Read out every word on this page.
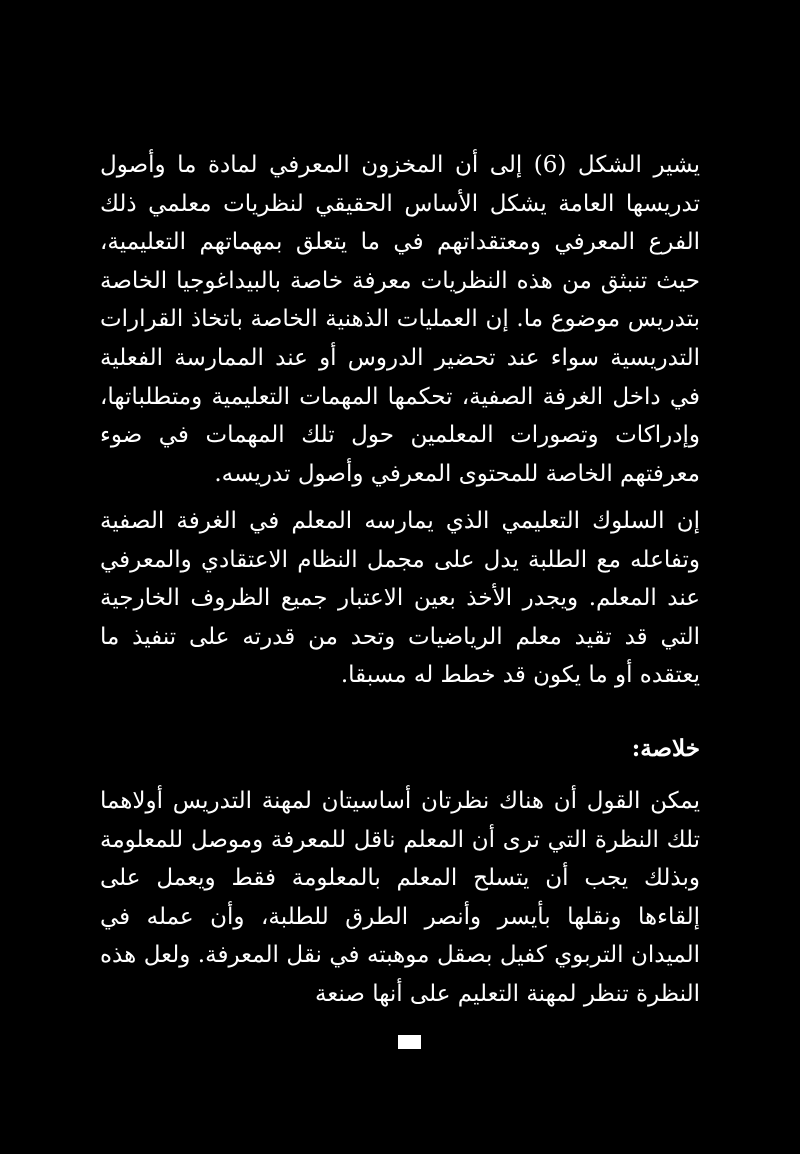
يشير الشكل (6) إلى أن المخزون المعرفي لمادة ما وأصول تدريسها العامة يشكل الأساس الحقيقي لنظريات معلمي ذلك الفرع المعرفي ومعتقداتهم في ما يتعلق بمهماتهم التعليمية، حيث تنبثق من هذه النظريات معرفة خاصة بالبيداغوجيا الخاصة بتدريس موضوع ما. إن العمليات الذهنية الخاصة باتخاذ القرارات التدريسية سواء عند تحضير الدروس أو عند الممارسة الفعلية في داخل الغرفة الصفية، تحكمها المهمات التعليمية ومتطلباتها، وإدراكات وتصورات المعلمين حول تلك المهمات في ضوء معرفتهم الخاصة للمحتوى المعرفي وأصول تدريسه.

إن السلوك التعليمي الذي يمارسه المعلم في الغرفة الصفية وتفاعله مع الطلبة يدل على مجمل النظام الاعتقادي والمعرفي عند المعلم. ويجدر الأخذ بعين الاعتبار جميع الظروف الخارجية التي قد تقيد معلم الرياضيات وتحد من قدرته على تنفيذ ما يعتقده أو ما يكون قد خطط له مسبقا.

خلاصة:

يمكن القول أن هناك نظرتان أساسيتان لمهنة التدريس أولاهما تلك النظرة التي ترى أن المعلم ناقل للمعرفة وموصل للمعلومة وبذلك يجب أن يتسلح المعلم بالمعلومة فقط ويعمل على إلقاءها ونقلها بأيسر وأنصر الطرق للطلبة، وأن عمله في الميدان التربوي كفيل بصقل موهبته في نقل المعرفة. ولعل هذه النظرة تنظر لمهنة التعليم على أنها صنعة
